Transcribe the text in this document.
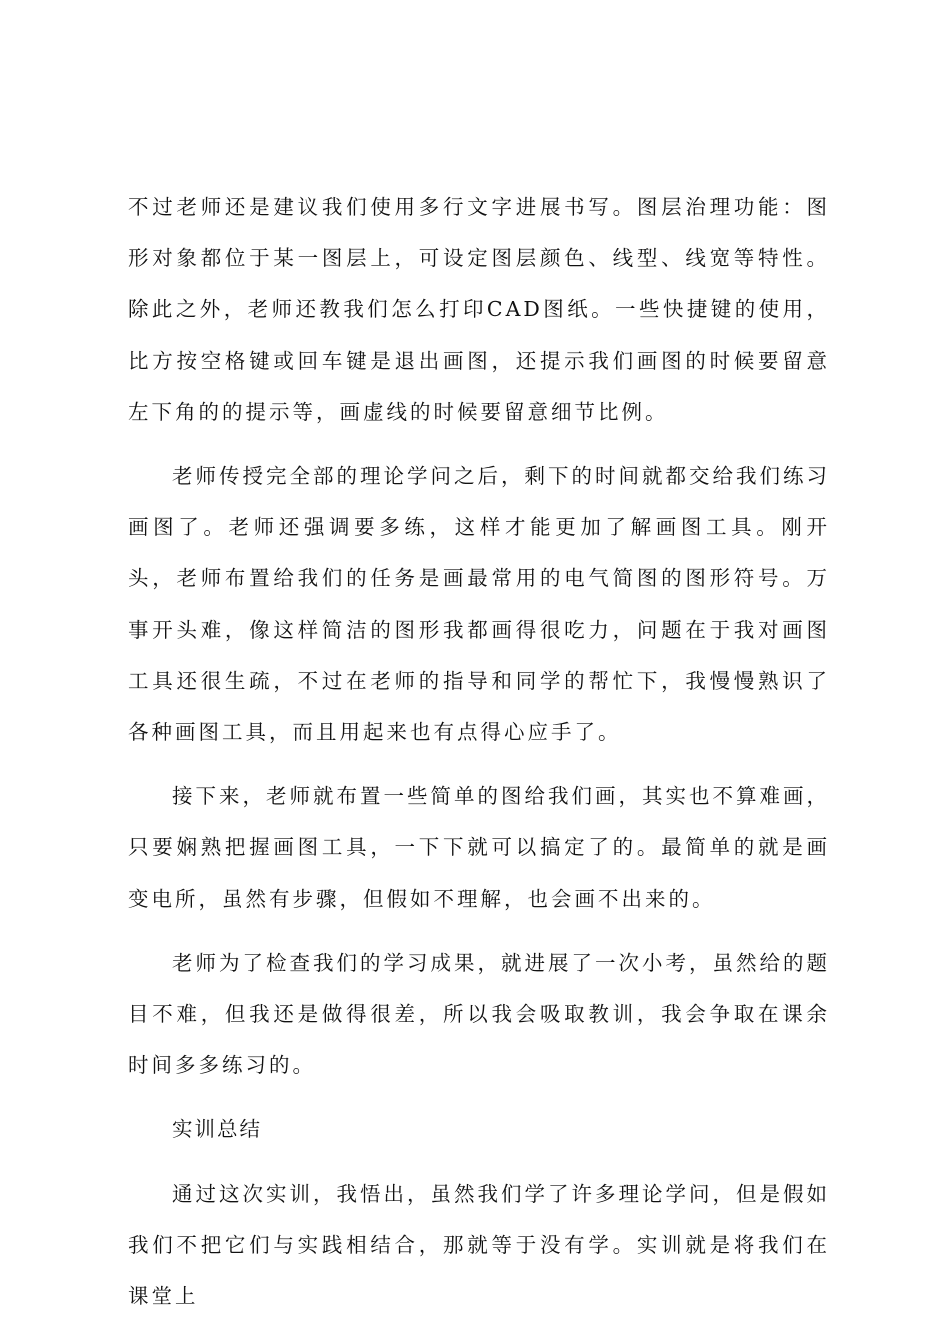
不过老师还是建议我们使用多行文字进展书写。图层治理功能：图形对象都位于某一图层上，可设定图层颜色、线型、线宽等特性。除此之外，老师还教我们怎么打印CAD图纸。一些快捷键的使用，比方按空格键或回车键是退出画图，还提示我们画图的时候要留意左下角的的提示等，画虚线的时候要留意细节比例。

老师传授完全部的理论学问之后，剩下的时间就都交给我们练习画图了。老师还强调要多练，这样才能更加了解画图工具。刚开头，老师布置给我们的任务是画最常用的电气简图的图形符号。万事开头难，像这样简洁的图形我都画得很吃力，问题在于我对画图工具还很生疏，不过在老师的指导和同学的帮忙下，我慢慢熟识了各种画图工具，而且用起来也有点得心应手了。

接下来，老师就布置一些简单的图给我们画，其实也不算难画，只要娴熟把握画图工具，一下下就可以搞定了的。最简单的就是画变电所，虽然有步骤，但假如不理解，也会画不出来的。

老师为了检查我们的学习成果，就进展了一次小考，虽然给的题目不难，但我还是做得很差，所以我会吸取教训，我会争取在课余时间多多练习的。

实训总结

通过这次实训，我悟出，虽然我们学了许多理论学问，但是假如我们不把它们与实践相结合，那就等于没有学。实训就是将我们在课堂上
